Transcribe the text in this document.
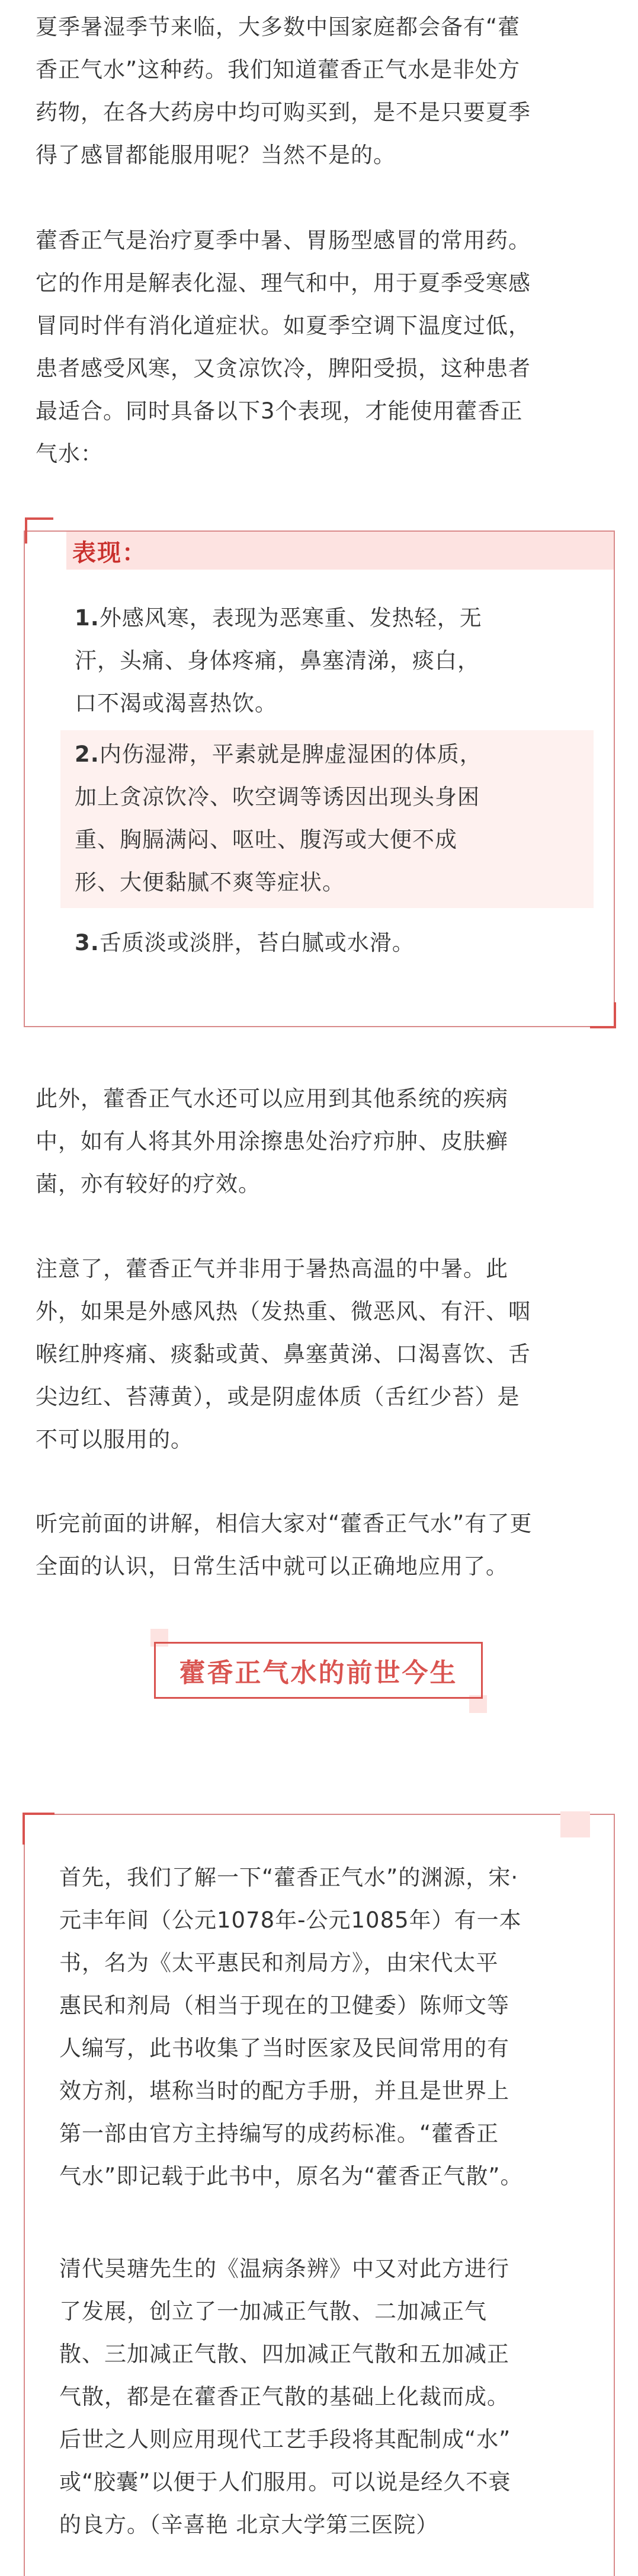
夏季暑湿季节来临，大多数中国家庭都会备有“藿
香正气水”这种药。我们知道藿香正气水是非处方
药物，在各大药房中均可购买到，是不是只要夏季
得了感冒都能服用呢？当然不是的。

藿香正气是治疗夏季中暑、胃肠型感冒的常用药。
它的作用是解表化湿、理气和中，用于夏季受寒感
冒同时伴有消化道症状。如夏季空调下温度过低，
患者感受风寒，又贪凉饮冷，脾阳受损，这种患者
最适合。同时具备以下3个表现，才能使用藿香正
气水：

表现：

1.外感风寒，表现为恶寒重、发热轻，无
汗，头痛、身体疼痛，鼻塞清涕，痰白，
口不渴或渴喜热饮。

2.内伤湿滞，平素就是脾虚湿困的体质，
加上贪凉饮冷、吹空调等诱因出现头身困
重、胸膈满闷、呕吐、腹泻或大便不成
形、大便黏腻不爽等症状。

3.舌质淡或淡胖，苔白腻或水滑。

此外，藿香正气水还可以应用到其他系统的疾病
中，如有人将其外用涂擦患处治疗疖肿、皮肤癣
菌，亦有较好的疗效。

注意了，藿香正气并非用于暑热高温的中暑。此
外，如果是外感风热（发热重、微恶风、有汗、咽
喉红肿疼痛、痰黏或黄、鼻塞黄涕、口渴喜饮、舌
尖边红、苔薄黄），或是阴虚体质（舌红少苔）是
不可以服用的。

听完前面的讲解，相信大家对“藿香正气水”有了更
全面的认识，日常生活中就可以正确地应用了。

藿香正气水的前世今生

首先，我们了解一下“藿香正气水”的渊源，宋·
元丰年间（公元1078年-公元1085年）有一本
书，名为《太平惠民和剂局方》，由宋代太平
惠民和剂局（相当于现在的卫健委）陈师文等
人编写，此书收集了当时医家及民间常用的有
效方剂，堪称当时的配方手册，并且是世界上
第一部由官方主持编写的成药标准。“藿香正
气水”即记载于此书中，原名为“藿香正气散”。

清代吴瑭先生的《温病条辨》中又对此方进行
了发展，创立了一加减正气散、二加减正气
散、三加减正气散、四加减正气散和五加减正
气散，都是在藿香正气散的基础上化裁而成。
后世之人则应用现代工艺手段将其配制成“水”
或“胶囊”以便于人们服用。可以说是经久不衰
的良方。（辛喜艳 北京大学第三医院）
